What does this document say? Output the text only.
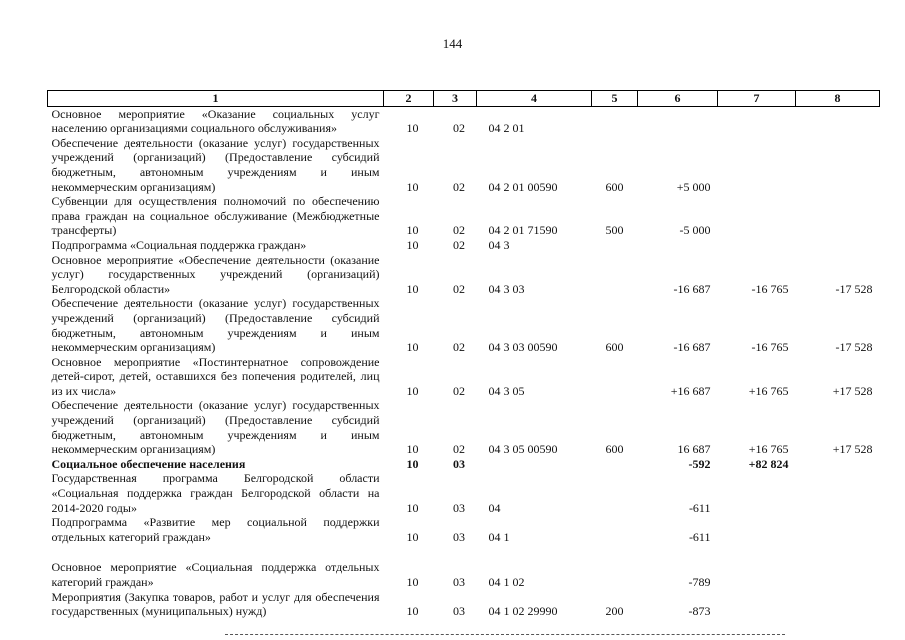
144
1	2	3	4	5	6	7	8
Основное мероприятие «Оказание социальных услуг населению организациями социального обслуживания»	10	02	04 2 01				
Обеспечение деятельности (оказание услуг) государственных учреждений (организаций) (Предоставление субсидий бюджетным, автономным учреждениям и иным некоммерческим организациям)	10	02	04 2 01 00590	600	+5 000		
Субвенции для осуществления полномочий по обеспечению права граждан на социальное обслуживание (Межбюджетные трансферты)	10	02	04 2 01 71590	500	-5 000		
Подпрограмма «Социальная поддержка граждан»	10	02	04 3				
Основное мероприятие «Обеспечение деятельности (оказание услуг) государственных учреждений (организаций) Белгородской области»	10	02	04 3 03		-16 687	-16 765	-17 528
Обеспечение деятельности (оказание услуг) государственных учреждений (организаций) (Предоставление субсидий бюджетным, автономным учреждениям и иным некоммерческим организациям)	10	02	04 3 03 00590	600	-16 687	-16 765	-17 528
Основное мероприятие «Постинтернатное сопровождение детей-сирот, детей, оставшихся без попечения родителей, лиц из их числа»	10	02	04 3 05		+16 687	+16 765	+17 528
Обеспечение деятельности (оказание услуг) государственных учреждений (организаций) (Предоставление субсидий бюджетным, автономным учреждениям и иным некоммерческим организациям)	10	02	04 3 05 00590	600	16 687	+16 765	+17 528
Социальное обеспечение населения	10	03			-592	+82 824	
Государственная программа Белгородской области «Социальная поддержка граждан Белгородской области на 2014-2020 годы»	10	03	04		-611		
Подпрограмма «Развитие мер социальной поддержки отдельных категорий граждан»	10	03	04 1		-611		

Основное мероприятие «Социальная поддержка отдельных категорий граждан»	10	03	04 1 02		-789		
Мероприятия (Закупка товаров, работ и услуг для обеспечения государственных (муниципальных) нужд)	10	03	04 1 02 29990	200	-873		
